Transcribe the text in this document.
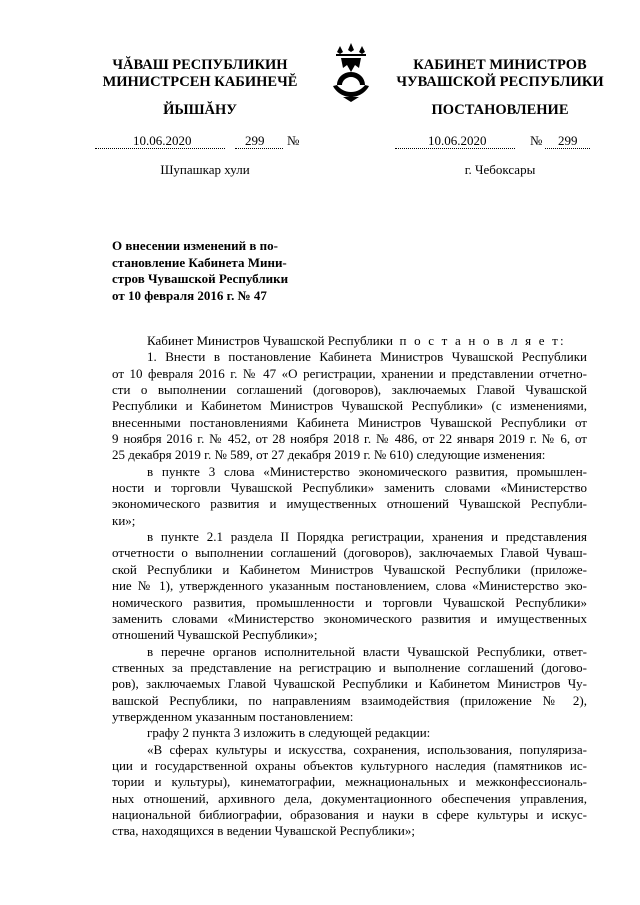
ЧĂВАШ РЕСПУБЛИКИН
МИНИСТРСЕН КАБИНЕЧĔ
ЙЫШĂНУ
КАБИНЕТ МИНИСТРОВ
ЧУВАШСКОЙ РЕСПУБЛИКИ
ПОСТАНОВЛЕНИЕ
10.06.2020	299 №	10.06.2020	№ 299
Шупашкар хули	г. Чебоксары
О внесении изменений в по-
становление Кабинета Мини-
стров Чувашской Республики
от 10 февраля 2016 г. № 47
Кабинет Министров Чувашской Республики п о с т а н о в л я е т:
1. Внести в постановление Кабинета Министров Чувашской Республики
от 10 февраля 2016 г. № 47 «О регистрации, хранении и представлении отчетно-
сти о выполнении соглашений (договоров), заключаемых Главой Чувашской
Республики и Кабинетом Министров Чувашской Республики» (с изменениями,
внесенными постановлениями Кабинета Министров Чувашской Республики от
9 ноября 2016 г. № 452, от 28 ноября 2018 г. № 486, от 22 января 2019 г. № 6, от
25 декабря 2019 г. № 589, от 27 декабря 2019 г. № 610) следующие изменения:
в пункте 3 слова «Министерство экономического развития, промышлен-
ности и торговли Чувашской Республики» заменить словами «Министерство
экономического развития и имущественных отношений Чувашской Республи-
ки»;
в пункте 2.1 раздела II Порядка регистрации, хранения и представления
отчетности о выполнении соглашений (договоров), заключаемых Главой Чуваш-
ской Республики и Кабинетом Министров Чувашской Республики (приложе-
ние № 1), утвержденного указанным постановлением, слова «Министерство эко-
номического развития, промышленности и торговли Чувашской Республики»
заменить словами «Министерство экономического развития и имущественных
отношений Чувашской Республики»;
в перечне органов исполнительной власти Чувашской Республики, ответ-
ственных за представление на регистрацию и выполнение соглашений (догово-
ров), заключаемых Главой Чувашской Республики и Кабинетом Министров Чу-
вашской Республики, по направлениям взаимодействия (приложение № 2),
утвержденном указанным постановлением:
графу 2 пункта 3 изложить в следующей редакции:
«В сферах культуры и искусства, сохранения, использования, популяриза-
ции и государственной охраны объектов культурного наследия (памятников ис-
тории и культуры), кинематографии, межнациональных и межконфессиональ-
ных отношений, архивного дела, документационного обеспечения управления,
национальной библиографии, образования и науки в сфере культуры и искус-
ства, находящихся в ведении Чувашской Республики»;
